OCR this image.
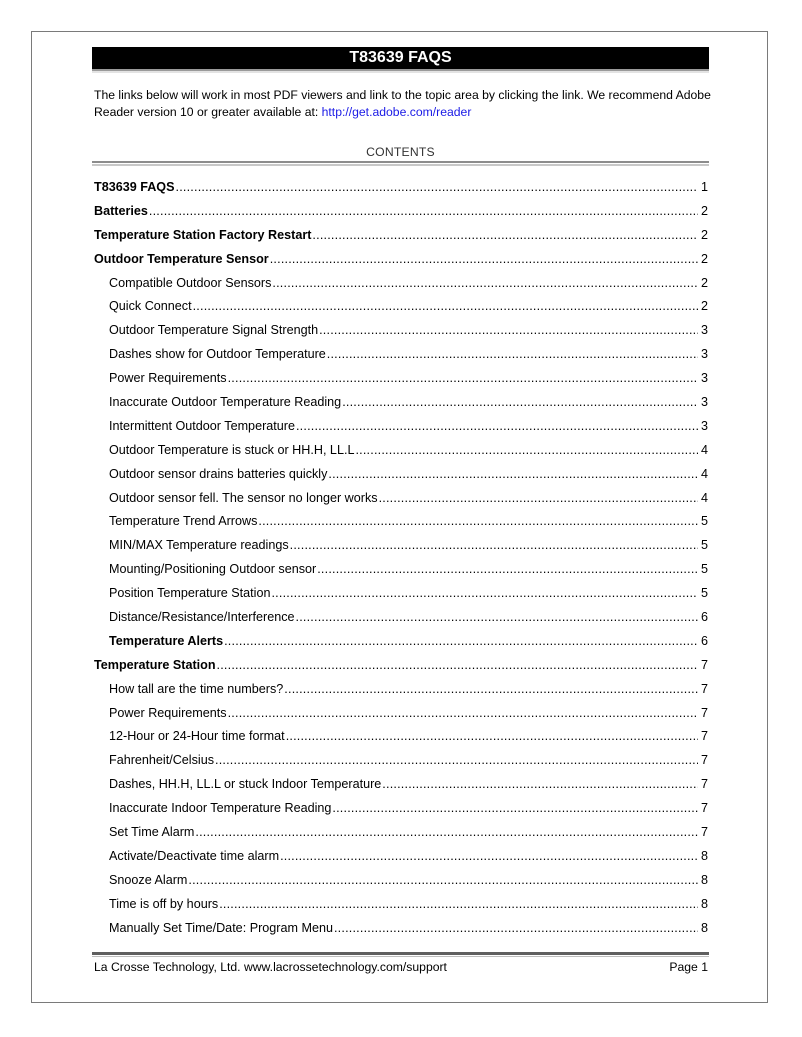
T83639 FAQS
The links below will work in most PDF viewers and link to the topic area by clicking the link. We recommend Adobe Reader version 10 or greater available at: http://get.adobe.com/reader
CONTENTS
T83639 FAQS .....	1
Batteries .....	2
Temperature Station Factory Restart .....	2
Outdoor Temperature Sensor .....	2
Compatible Outdoor Sensors .....	2
Quick Connect .....	2
Outdoor Temperature Signal Strength .....	3
Dashes show for Outdoor Temperature .....	3
Power Requirements .....	3
Inaccurate Outdoor Temperature Reading .....	3
Intermittent Outdoor Temperature .....	3
Outdoor Temperature is stuck or HH.H, LL.L .....	4
Outdoor sensor drains batteries quickly .....	4
Outdoor sensor fell. The sensor no longer works .....	4
Temperature Trend Arrows .....	5
MIN/MAX Temperature readings .....	5
Mounting/Positioning Outdoor sensor .....	5
Position Temperature Station .....	5
Distance/Resistance/Interference .....	6
Temperature Alerts .....	6
Temperature Station .....	7
How tall are the time numbers? .....	7
Power Requirements .....	7
12-Hour or 24-Hour time format .....	7
Fahrenheit/Celsius .....	7
Dashes, HH.H, LL.L or stuck Indoor Temperature .....	7
Inaccurate Indoor Temperature Reading .....	7
Set Time Alarm .....	7
Activate/Deactivate time alarm .....	8
Snooze Alarm .....	8
Time is off by hours .....	8
Manually Set Time/Date: Program Menu .....	8
La Crosse Technology, Ltd. www.lacrossetechnology.com/support	Page 1
